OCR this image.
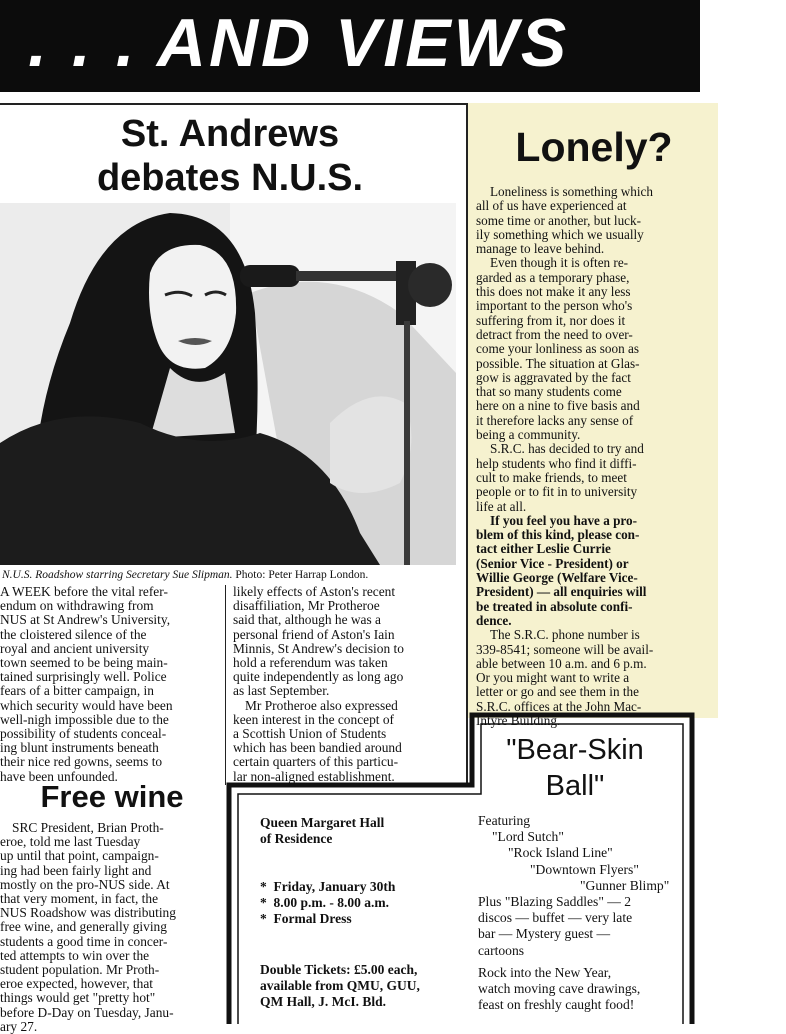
. . . AND VIEWS
St. Andrews
debates N.U.S.
N.U.S. Roadshow starring Secretary Sue Slipman. Photo: Peter Harrap London.
A WEEK before the vital refer-
endum on withdrawing from
NUS at St Andrew's University,
the cloistered silence of the
royal and ancient university
town seemed to be being main-
tained surprisingly well. Police
fears of a bitter campaign, in
which security would have been
well-nigh impossible due to the
possibility of students conceal-
ing blunt instruments beneath
their nice red gowns, seems to
have been unfounded.
likely effects of Aston's recent
disaffiliation, Mr Protheroe
said that, although he was a
personal friend of Aston's Iain
Minnis, St Andrew's decision to
hold a referendum was taken
quite independently as long ago
as last September.
Mr Protheroe also expressed
keen interest in the concept of
a Scottish Union of Students
which has been bandied around
certain quarters of this particu-
lar non-aligned establishment.
Free wine
SRC President, Brian Proth-
eroe, told me last Tuesday
up until that point, campaign-
ing had been fairly light and
mostly on the pro-NUS side. At
that very moment, in fact, the
NUS Roadshow was distributing
free wine, and generally giving
students a good time in concer-
ted attempts to win over the
student population. Mr Proth-
eroe expected, however, that
things would get "pretty hot"
before D-Day on Tuesday, Janu-
ary 27.
Lonely?
Loneliness is something which
all of us have experienced at
some time or another, but luck-
ily something which we usually
manage to leave behind.
Even though it is often re-
garded as a temporary phase,
this does not make it any less
important to the person who's
suffering from it, nor does it
detract from the need to over-
come your lonliness as soon as
possible. The situation at Glas-
gow is aggravated by the fact
that so many students come
here on a nine to five basis and
it therefore lacks any sense of
being a community.
S.R.C. has decided to try and
help students who find it diffi-
cult to make friends, to meet
people or to fit in to university
life at all.
If you feel you have a pro-
blem of this kind, please con-
tact either Leslie Currie
(Senior Vice - President) or
Willie George (Welfare Vice-
President) — all enquiries will
be treated in absolute confi-
dence.
The S.R.C. phone number is
339-8541; someone will be avail-
able between 10 a.m. and 6 p.m.
Or you might want to write a
letter or go and see them in the
S.R.C. offices at the John Mac-
Intyre Building.
"Bear-Skin
Ball"
Queen Margaret Hall
of Residence
* Friday, January 30th
* 8.00 p.m. - 8.00 a.m.
* Formal Dress
Double Tickets: £5.00 each,
available from QMU, GUU,
QM Hall, J. McI. Bld.
Featuring
"Lord Sutch"
"Rock Island Line"
"Downtown Flyers"
"Gunner Blimp"
Plus "Blazing Saddles" — 2
discos — buffet — very late
bar — Mystery guest —
cartoons
Rock into the New Year,
watch moving cave drawings,
feast on freshly caught food!
